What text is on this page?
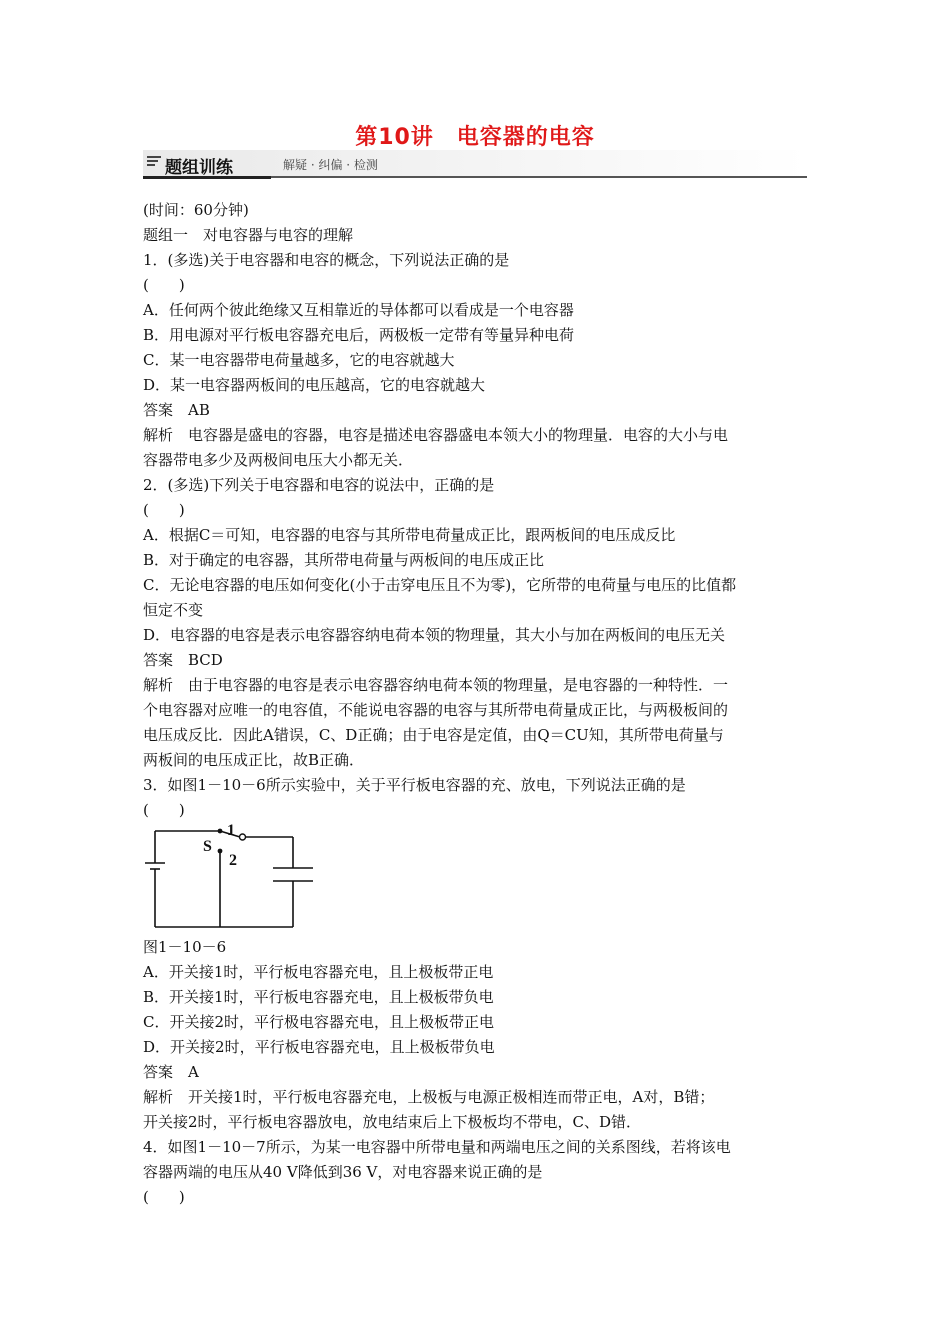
第10讲　电容器的电容
题组训练	解疑 · 纠偏 · 检测

(时间：60分钟)

题组一　对电容器与电容的理解

1．(多选)关于电容器和电容的概念，下列说法正确的是

(　　)

A．任何两个彼此绝缘又互相靠近的导体都可以看成是一个电容器

B．用电源对平行板电容器充电后，两极板一定带有等量异种电荷

C．某一电容器带电荷量越多，它的电容就越大

D．某一电容器两板间的电压越高，它的电容就越大

答案　AB

解析　电容器是盛电的容器，电容是描述电容器盛电本领大小的物理量．电容的大小与电

容器带电多少及两极间电压大小都无关．

2．(多选)下列关于电容器和电容的说法中，正确的是

(　　)

A．根据C＝可知，电容器的电容与其所带电荷量成正比，跟两板间的电压成反比

B．对于确定的电容器，其所带电荷量与两板间的电压成正比

C．无论电容器的电压如何变化(小于击穿电压且不为零)，它所带的电荷量与电压的比值都

恒定不变

D．电容器的电容是表示电容器容纳电荷本领的物理量，其大小与加在两板间的电压无关

答案　BCD

解析　由于电容器的电容是表示电容器容纳电荷本领的物理量，是电容器的一种特性．一

个电容器对应唯一的电容值，不能说电容器的电容与其所带电荷量成正比，与两极板间的

电压成反比．因此A错误，C、D正确；由于电容是定值，由Q＝CU知，其所带电荷量与

两板间的电压成正比，故B正确．

3．如图1－10－6所示实验中，关于平行板电容器的充、放电，下列说法正确的是

(　　)

S
1
2

图1－10－6

A．开关接1时，平行板电容器充电，且上极板带正电

B．开关接1时，平行板电容器充电，且上极板带负电

C．开关接2时，平行极电容器充电，且上极板带正电

D．开关接2时，平行板电容器充电，且上极板带负电

答案　A

解析　开关接1时，平行板电容器充电，上极板与电源正极相连而带正电，A对，B错；

开关接2时，平行板电容器放电，放电结束后上下极板均不带电，C、D错．

4．如图1－10－7所示，为某一电容器中所带电量和两端电压之间的关系图线，若将该电

容器两端的电压从40 V降低到36 V，对电容器来说正确的是

(　　)
